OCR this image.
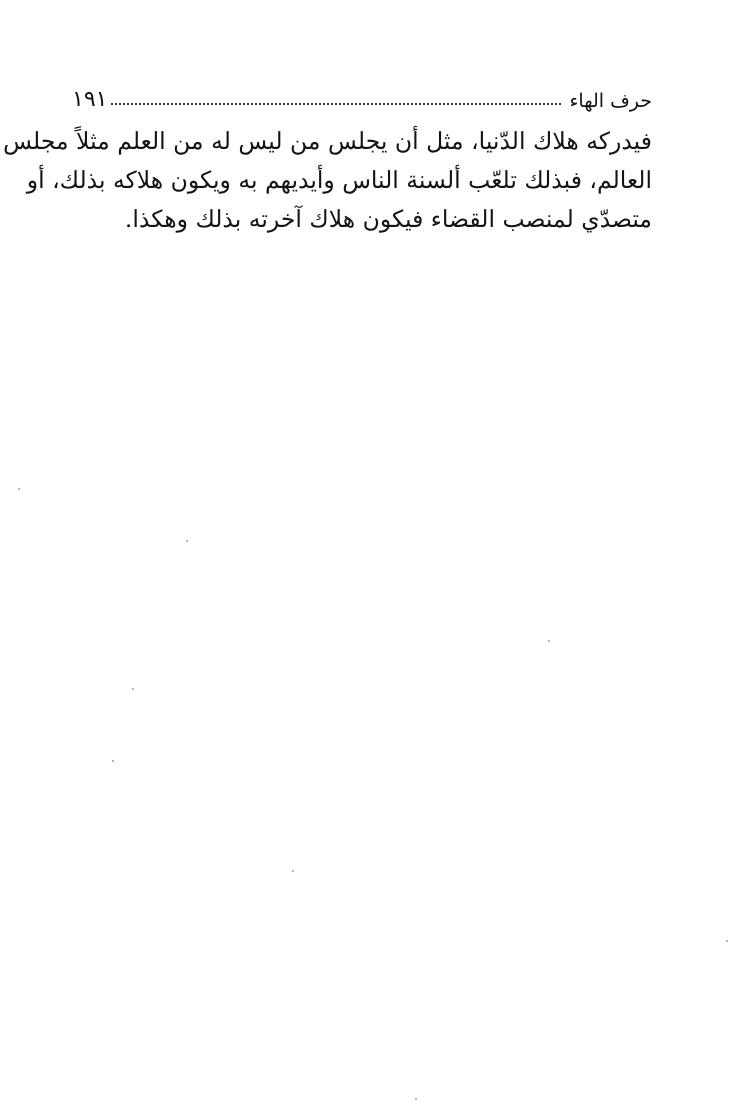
حرف الهاء
١٩١

فيدركه هلاك الدّنيا، مثل أن يجلس من ليس له من العلم مثلاً مجلس
العالم، فبذلك تلعّب ألسنة الناس وأيديهم به ويكون هلاكه بذلك، أو
متصدّي لمنصب القضاء فيكون هلاك آخرته بذلك وهكذا.
